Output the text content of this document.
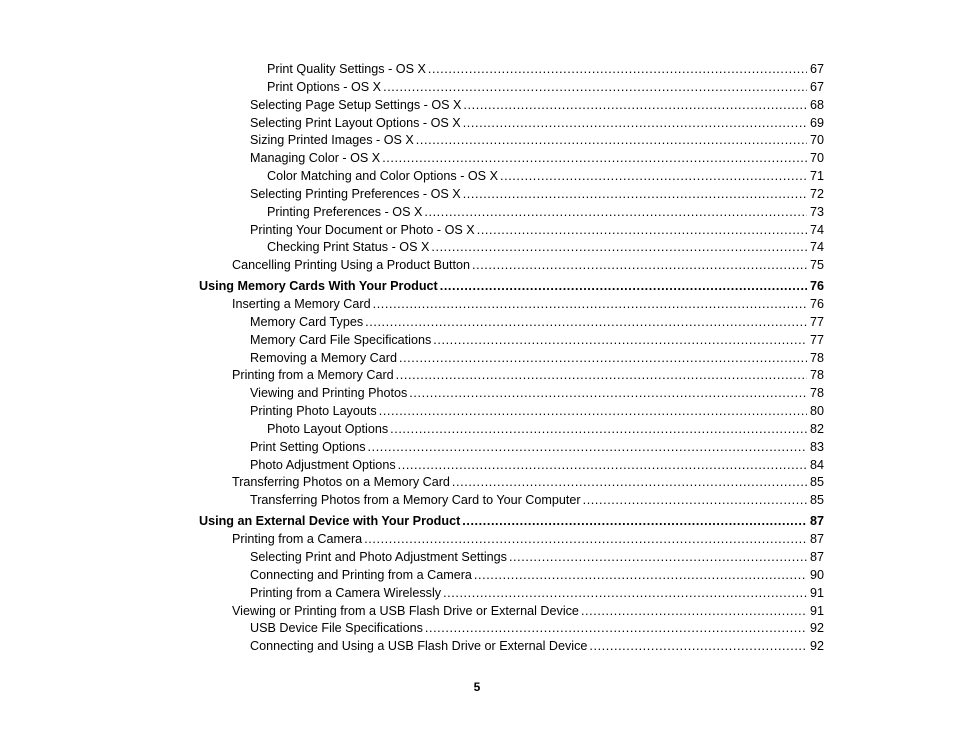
Print Quality Settings - OS X .....	67
Print Options - OS X .....	67
Selecting Page Setup Settings - OS X .....	68
Selecting Print Layout Options - OS X .....	69
Sizing Printed Images - OS X .....	70
Managing Color - OS X .....	70
Color Matching and Color Options - OS X .....	71
Selecting Printing Preferences - OS X .....	72
Printing Preferences - OS X .....	73
Printing Your Document or Photo - OS X .....	74
Checking Print Status - OS X .....	74
Cancelling Printing Using a Product Button .....	75
Using Memory Cards With Your Product .....	76
Inserting a Memory Card .....	76
Memory Card Types .....	77
Memory Card File Specifications .....	77
Removing a Memory Card .....	78
Printing from a Memory Card .....	78
Viewing and Printing Photos .....	78
Printing Photo Layouts .....	80
Photo Layout Options .....	82
Print Setting Options .....	83
Photo Adjustment Options .....	84
Transferring Photos on a Memory Card .....	85
Transferring Photos from a Memory Card to Your Computer .....	85
Using an External Device with Your Product .....	87
Printing from a Camera .....	87
Selecting Print and Photo Adjustment Settings .....	87
Connecting and Printing from a Camera .....	90
Printing from a Camera Wirelessly .....	91
Viewing or Printing from a USB Flash Drive or External Device .....	91
USB Device File Specifications .....	92
Connecting and Using a USB Flash Drive or External Device .....	92
5
